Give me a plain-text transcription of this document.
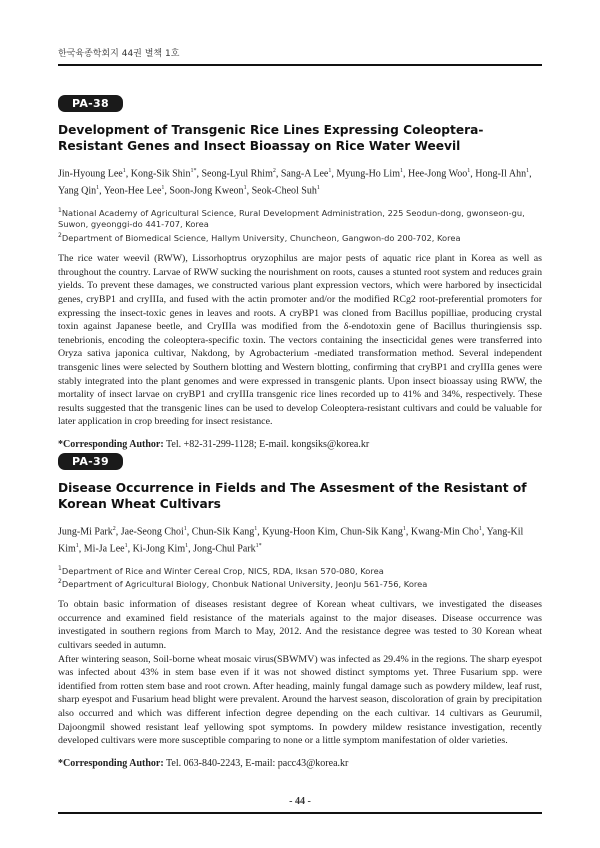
한국육종학회지 44권 별책 1호
PA-38
Development of Transgenic Rice Lines Expressing Coleoptera- Resistant Genes and Insect Bioassay on Rice Water Weevil
Jin-Hyoung Lee$^1$, Kong-Sik Shin$^{1*}$, Seong-Lyul Rhim$^2$, Sang-A Lee$^1$, Myung-Ho Lim$^1$, Hee-Jong Woo$^1$, Hong-Il Ahn$^1$, Yang Qin$^1$, Yeon-Hee Lee$^1$, Soon-Jong Kweon$^1$, Seok-Cheol Suh$^1$
$^1$National Academy of Agricultural Science, Rural Development Administration, 225 Seodun-dong, gwonseon-gu, Suwon, gyeonggi-do 441-707, Korea
$^2$Department of Biomedical Science, Hallym University, Chuncheon, Gangwon-do 200-702, Korea

The rice water weevil (RWW), Lissorhoptrus oryzophilus are major pests of aquatic rice plant in Korea as well as throughout the country. Larvae of RWW sucking the nourishment on roots, causes a stunted root system and reduces grain yields. To prevent these damages, we constructed various plant expression vectors, which were harbored by insecticidal genes, cryBP1 and cryIIIa, and fused with the actin promoter and/or the modified RCg2 root-preferential promoters for expressing the insect-toxic genes in leaves and roots. A cryBP1 was cloned from Bacillus popilliae, producing crystal toxin against Japanese beetle, and CryIIIa was modified from the δ-endotoxin gene of Bacillus thuringiensis ssp. tenebrionis, encoding the coleoptera-specific toxin. The vectors containing the insecticidal genes were transferred into Oryza sativa japonica cultivar, Nakdong, by Agrobacterium -mediated transformation method. Several independent transgenic lines were selected by Southern blotting and Western blotting, confirming that cryBP1 and cryIIIa genes were stably integrated into the plant genomes and were expressed in transgenic plants. Upon insect bioassay using RWW, the mortality of insect larvae on cryBP1 and cryIIIa transgenic rice lines recorded up to 41% and 34%, respectively. These results suggested that the transgenic lines can be used to develop Coleoptera-resistant cultivars and could be valuable for later application in crop breeding for insect resistance.

*Corresponding Author: Tel. +82-31-299-1128; E-mail. kongsiks@korea.kr
PA-39
Disease Occurrence in Fields and The Assesment of the Resistant of Korean Wheat Cultivars
Jung-Mi Park$^2$, Jae-Seong Choi$^1$, Chun-Sik Kang$^1$, Kyung-Hoon Kim, Chun-Sik Kang$^1$, Kwang-Min Cho$^1$, Yang-Kil Kim$^1$, Mi-Ja Lee$^1$, Ki-Jong Kim$^1$, Jong-Chul Park$^{1*}$
$^1$Department of Rice and Winter Cereal Crop, NICS, RDA, Iksan 570-080, Korea
$^2$Department of Agricultural Biology, Chonbuk National University, JeonJu 561-756, Korea

To obtain basic information of diseases resistant degree of Korean wheat cultivars, we investigated the diseases occurrence and examined field resistance of the materials against to the major diseases. Disease occurrence was investigated in southern regions from March to May, 2012. And the resistance degree was tested to 30 Korean wheat cultivars seeded in autumn.

After wintering season, Soil-borne wheat mosaic virus(SBWMV) was infected as 29.4% in the regions. The sharp eyespot was infected about 43% in stem base even if it was not showed distinct symptoms yet. Three Fusarium spp. were identified from rotten stem base and root crown. After heading, mainly fungal damage such as powdery mildew, leaf rust, sharp eyespot and Fusarium head blight were prevalent. Around the harvest season, discoloration of grain by precipitation also occurred and which was different infection degree depending on the each cultivar. 14 cultivars as Geurumil, Dajoongmil showed resistant leaf yellowing spot symptoms. In powdery mildew resistance investigation, recently developed cultivars were more susceptible comparing to none or a little symptom manifestation of older varieties.

*Corresponding Author: Tel. 063-840-2243, E-mail: pacc43@korea.kr
- 44 -
